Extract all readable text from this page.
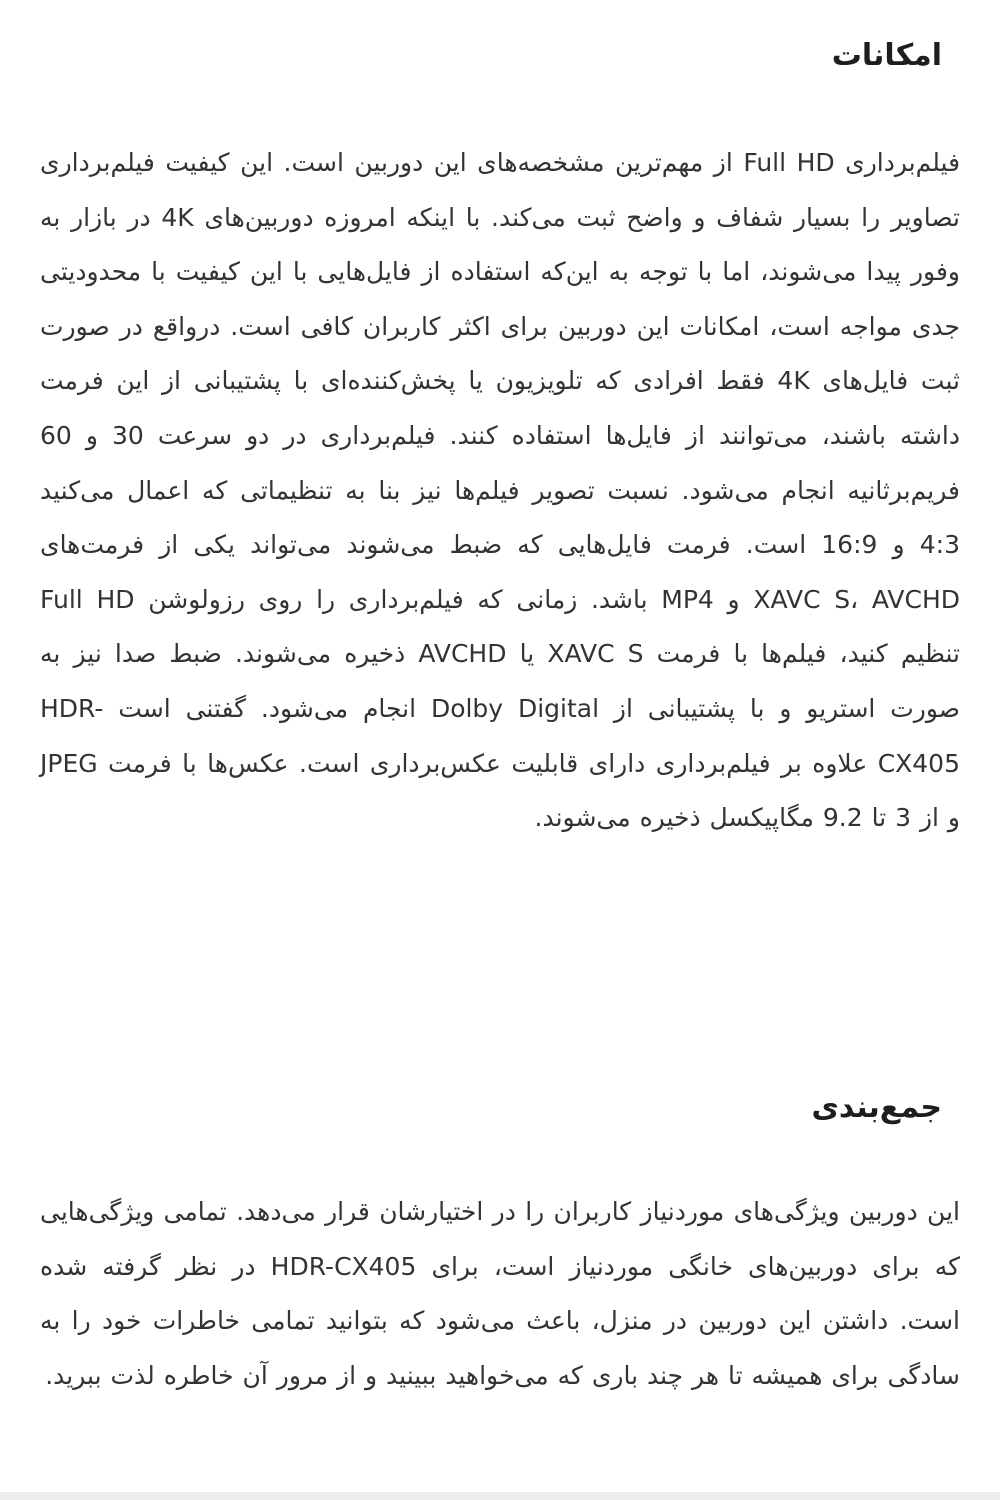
امکانات

فیلم‌برداری Full HD از مهم‌ترین مشخصه‌های این دوربین است. این کیفیت فیلم‌برداری تصاویر را بسیار شفاف و واضح ثبت می‌کند. با اینکه امروزه دوربین‌های 4K در بازار به وفور پیدا می‌شوند، اما با توجه به این‌که استفاده از فایل‌هایی با این کیفیت با محدودیتی جدی مواجه است، امکانات این دوربین برای اکثر کاربران کافی است. درواقع در صورت ثبت فایل‌های 4K فقط افرادی که تلویزیون یا پخش‌کننده‌ای با پشتیبانی از این فرمت داشته باشند، می‌توانند از فایل‌ها استفاده کنند. فیلم‌برداری در دو سرعت 30 و 60 فریم‌برثانیه انجام می‌شود. نسبت تصویر فیلم‌ها نیز بنا به تنظیماتی که اعمال می‌کنید 4:3 و 16:9 است. فرمت فایل‌هایی که ضبط می‌شوند می‌تواند یکی از فرمت‌های XAVC S، AVCHD و MP4 باشد. زمانی که فیلم‌برداری را روی رزولوشن Full HD تنظیم کنید، فیلم‌ها با فرمت XAVC S یا AVCHD ذخیره می‌شوند. ضبط صدا نیز به صورت استریو و با پشتیبانی از Dolby Digital انجام می‌شود. گفتنی است HDR-CX405 علاوه بر فیلم‌برداری دارای قابلیت عکس‌برداری است. عکس‌ها با فرمت JPEG و از 3 تا 9.2 مگاپیکسل ذخیره می‌شوند.

جمع‌بندی

این دوربین ویژگی‌های موردنیاز کاربران را در اختیارشان قرار می‌دهد. تمامی ویژگی‌هایی که برای دوربین‌های خانگی موردنیاز است، برای HDR-CX405 در نظر گرفته شده است. داشتن این دوربین در منزل، باعث می‌شود که بتوانید تمامی خاطرات خود را به سادگی برای همیشه تا هر چند باری که می‌خواهید ببینید و از مرور آن خاطره لذت ببرید.
